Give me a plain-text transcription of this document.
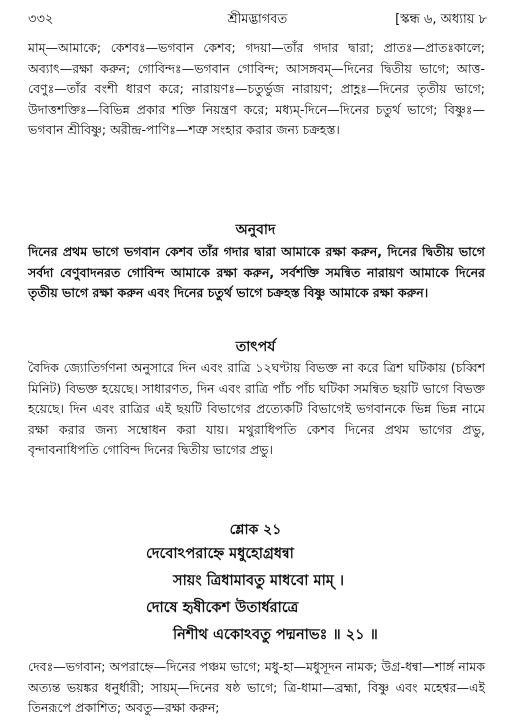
৩৩২	শ্রীমদ্ভাগবত	[স্কন্ধ ৬, অধ্যায় ৮
মাম্—আমাকে; কেশবঃ—ভগবান কেশব; গদয়া—তাঁর গদার দ্বারা; প্রাতঃ—প্রাতঃকালে; অব্যাৎ—রক্ষা করুন; গোবিন্দঃ—ভগবান গোবিন্দ; আসঙ্গবম্—দিনের দ্বিতীয় ভাগে; আত্ত-বেণুঃ—তাঁর বংশী ধারণ করে; নারায়ণঃ—চতুর্ভুজ নারায়ণ; প্রাহ্ণঃ—দিনের তৃতীয় ভাগে; উদাত্তশক্তিঃ—বিভিন্ন প্রকার শক্তি নিয়ন্ত্রণ করে; মধ্যম্-দিনে—দিনের চতুর্থ ভাগে; বিষ্ণুঃ—ভগবান শ্রীবিষ্ণু; অরীন্দ্র-পাণিঃ—শত্রু সংহার করার জন্য চক্রহস্ত।
অনুবাদ
দিনের প্রথম ভাগে ভগবান কেশব তাঁর গদার দ্বারা আমাকে রক্ষা করুন, দিনের দ্বিতীয় ভাগে সর্বদা বেণুবাদনরত গোবিন্দ আমাকে রক্ষা করুন, সর্বশক্তি সমন্বিত নারায়ণ আমাকে দিনের তৃতীয় ভাগে রক্ষা করুন এবং দিনের চতুর্থ ভাগে চক্রহস্ত বিষ্ণু আমাকে রক্ষা করুন।
তাৎপর্য
বৈদিক জ্যোতির্গণনা অনুসারে দিন এবং রাত্রি ১২ঘণ্টায় বিভক্ত না করে ত্রিশ ঘটিকায় (চব্বিশ মিনিট) বিভক্ত হয়েছে। সাধারণত, দিন এবং রাত্রি পাঁচ পাঁচ ঘটিকা সমন্বিত ছয়টি ভাগে বিভক্ত হয়েছে। দিন এবং রাত্রির এই ছয়টি বিভাগের প্রত্যেকটি বিভাগেই ভগবানকে ভিন্ন ভিন্ন নামে রক্ষা করার জন্য সম্বোধন করা যায়। মথুরাধিপতি কেশব দিনের প্রথম ভাগের প্রভু, বৃন্দাবনাধিপতি গোবিন্দ দিনের দ্বিতীয় ভাগের প্রভু।
শ্লোক ২১
দেবোঽপরাহ্নে মধুহোগ্রধন্বা
সায়ং ত্রিধামাবতু মাধবো মাম্ ।
দোষে হৃষীকেশ উতার্ধরাত্রে
নিশীথ একোঽবতু পদ্মনাভঃ ॥ ২১ ॥
দেবঃ—ভগবান; অপরাহ্নে—দিনের পঞ্চম ভাগে; মধু-হা—মধুসূদন নামক; উগ্র-ধন্বা—শার্ঙ্গ নামক অত্যন্ত ভয়ঙ্কর ধনুর্ধারী; সায়ম্—দিনের ষষ্ঠ ভাগে; ত্রি-ধামা—ব্রহ্মা, বিষ্ণু এবং মহেশ্বর—এই তিনরূপে প্রকাশিত; অবতু—রক্ষা করুন;
